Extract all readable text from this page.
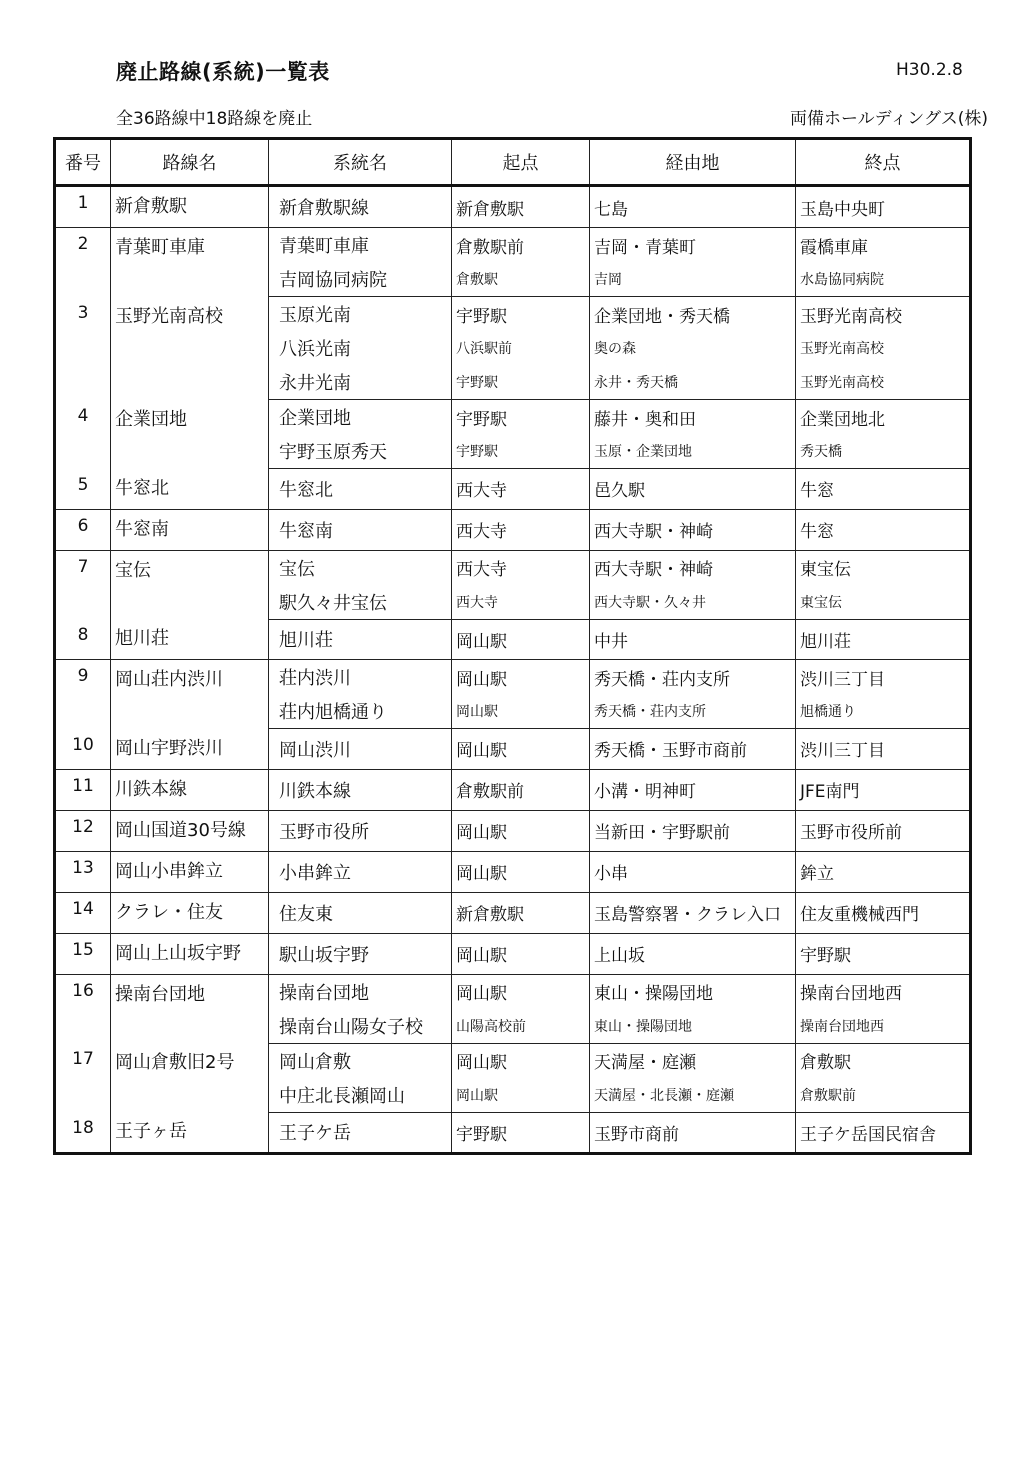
廃止路線(系統)一覧表	H30.2.8
全36路線中18路線を廃止	両備ホールディングス(株)
番号	路線名	系統名	起点	経由地	終点
1	新倉敷駅	新倉敷駅線	新倉敷駅	七島	玉島中央町
2	青葉町車庫	青葉町車庫	倉敷駅前	吉岡・青葉町	霞橋車庫
		吉岡協同病院	倉敷駅	吉岡	水島協同病院
3	玉野光南高校	玉原光南	宇野駅	企業団地・秀天橋	玉野光南高校
		八浜光南	八浜駅前	奥の森	玉野光南高校
		永井光南	宇野駅	永井・秀天橋	玉野光南高校
4	企業団地	企業団地	宇野駅	藤井・奥和田	企業団地北
		宇野玉原秀天	宇野駅	玉原・企業団地	秀天橋
5	牛窓北	牛窓北	西大寺	邑久駅	牛窓
6	牛窓南	牛窓南	西大寺	西大寺駅・神崎	牛窓
7	宝伝	宝伝	西大寺	西大寺駅・神崎	東宝伝
		駅久々井宝伝	西大寺	西大寺駅・久々井	東宝伝
8	旭川荘	旭川荘	岡山駅	中井	旭川荘
9	岡山荘内渋川	荘内渋川	岡山駅	秀天橋・荘内支所	渋川三丁目
		荘内旭橋通り	岡山駅	秀天橋・荘内支所	旭橋通り
10	岡山宇野渋川	岡山渋川	岡山駅	秀天橋・玉野市商前	渋川三丁目
11	川鉄本線	川鉄本線	倉敷駅前	小溝・明神町	JFE南門
12	岡山国道30号線	玉野市役所	岡山駅	当新田・宇野駅前	玉野市役所前
13	岡山小串鉾立	小串鉾立	岡山駅	小串	鉾立
14	クラレ・住友	住友東	新倉敷駅	玉島警察署・クラレ入口	住友重機械西門
15	岡山上山坂宇野	駅山坂宇野	岡山駅	上山坂	宇野駅
16	操南台団地	操南台団地	岡山駅	東山・操陽団地	操南台団地西
		操南台山陽女子校	山陽高校前	東山・操陽団地	操南台団地西
17	岡山倉敷旧2号	岡山倉敷	岡山駅	天満屋・庭瀬	倉敷駅
		中庄北長瀬岡山	岡山駅	天満屋・北長瀬・庭瀬	倉敷駅前
18	王子ヶ岳	王子ケ岳	宇野駅	玉野市商前	王子ケ岳国民宿舎
